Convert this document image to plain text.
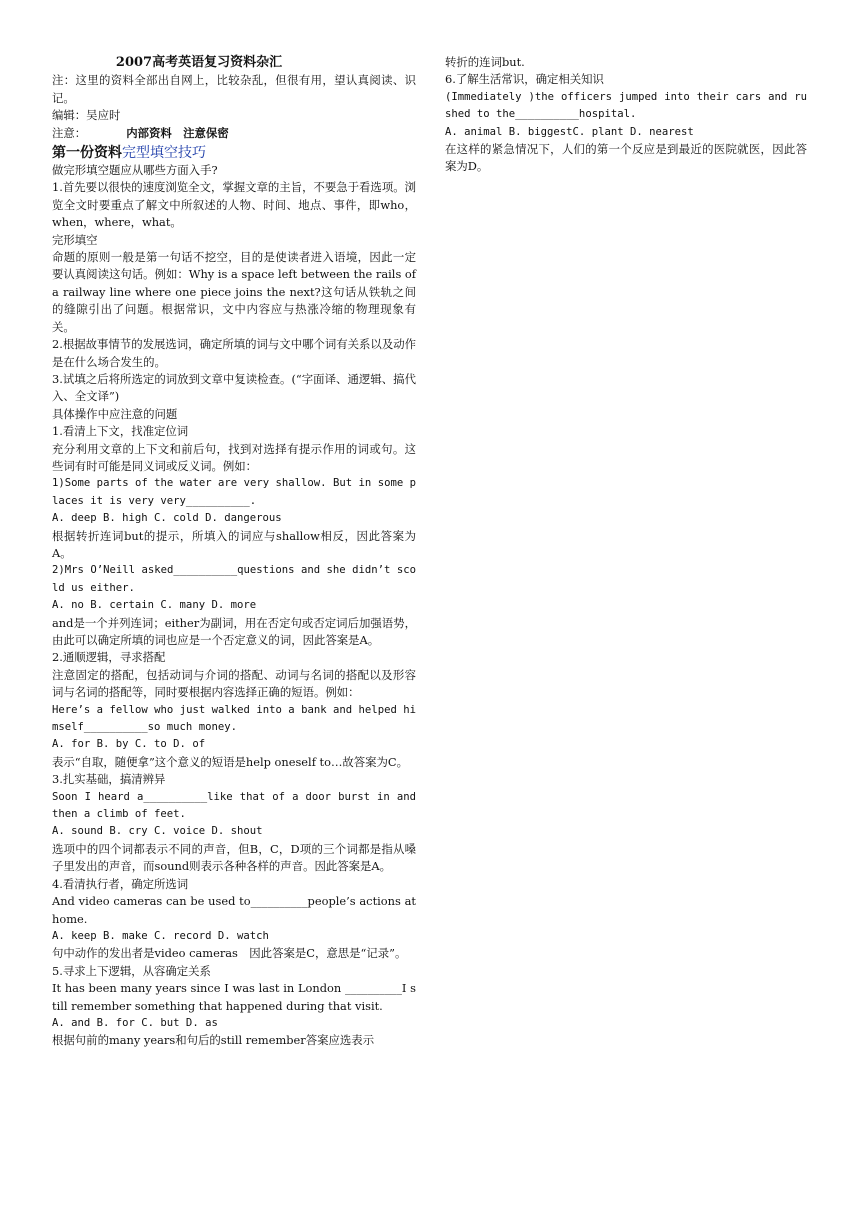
2007高考英语复习资料杂汇

注：这里的资料全部出自网上，比较杂乱，但很有用，望认真阅读、识记。

编辑：吴应时

注意：	内部资料　注意保密

第一份资料完型填空技巧

做完形填空题应从哪些方面入手?

1.首先要以很快的速度浏览全文，掌握文章的主旨，不要急于看选项。浏览全文时要重点了解文中所叙述的人物、时间、地点、事件，即who，when，where，what。

完形填空

命题的原则一般是第一句话不挖空，目的是使读者进入语境，因此一定要认真阅读这句话。例如：Why is a space left between the rails of a railway line where one piece joins the next?这句话从铁轨之间的缝隙引出了问题。根据常识，文中内容应与热涨冷缩的物理现象有关。

2.根据故事情节的发展选词，确定所填的词与文中哪个词有关系以及动作是在什么场合发生的。

3.试填之后将所选定的词放到文章中复读检查。(“字面译、通逻辑、搞代入、全文译”)

具体操作中应注意的问题

1.看清上下文，找准定位词

充分利用文章的上下文和前后句，找到对选择有提示作用的词或句。这些词有时可能是同义词或反义词。例如：

1)Some parts of the water are very shallow. But in some places it is very very__________.

A. deep B. high C. cold D. dangerous

根据转折连词but的提示，所填入的词应与shallow相反，因此答案为A。

2)Mrs O’Neill asked__________questions and she didn’t scold us either.

A. no B. certain C. many D. more

and是一个并列连词；either为副词，用在否定句或否定词后加强语势，由此可以确定所填的词也应是一个否定意义的词，因此答案是A。

2.通顺逻辑，寻求搭配

注意固定的搭配，包括动词与介词的搭配、动词与名词的搭配以及形容词与名词的搭配等，同时要根据内容选择正确的短语。例如：

Here’s a fellow who just walked into a bank and helped himself__________so much money.

A. for B. by C. to D. of

表示“自取，随便拿”这个意义的短语是help oneself to…故答案为C。

3.扎实基础，搞清辨异

Soon I heard a__________like that of a door burst in and then a climb of feet.

A. sound B. cry C. voice D. shout

选项中的四个词都表示不同的声音，但B，C，D项的三个词都是指从嗓子里发出的声音，而sound则表示各种各样的声音。因此答案是A。

4.看清执行者，确定所选词

And video cameras can be used to__________people’s actions at home.

A. keep B. make C. record D. watch

句中动作的发出者是video cameras　因此答案是C，意思是“记录”。

5.寻求上下逻辑，从容确定关系

It has been many years since I was last in London __________I still remember something that happened during that visit.

A. and B. for C. but D. as

根据句前的many years和句后的still remember答案应选表示

转折的连词but.

6.了解生活常识，确定相关知识

(Immediately )the officers jumped into their cars and rushed to the__________hospital.

A. animal B. biggestC. plant D. nearest

在这样的紧急情况下，人们的第一个反应是到最近的医院就医，因此答案为D。
